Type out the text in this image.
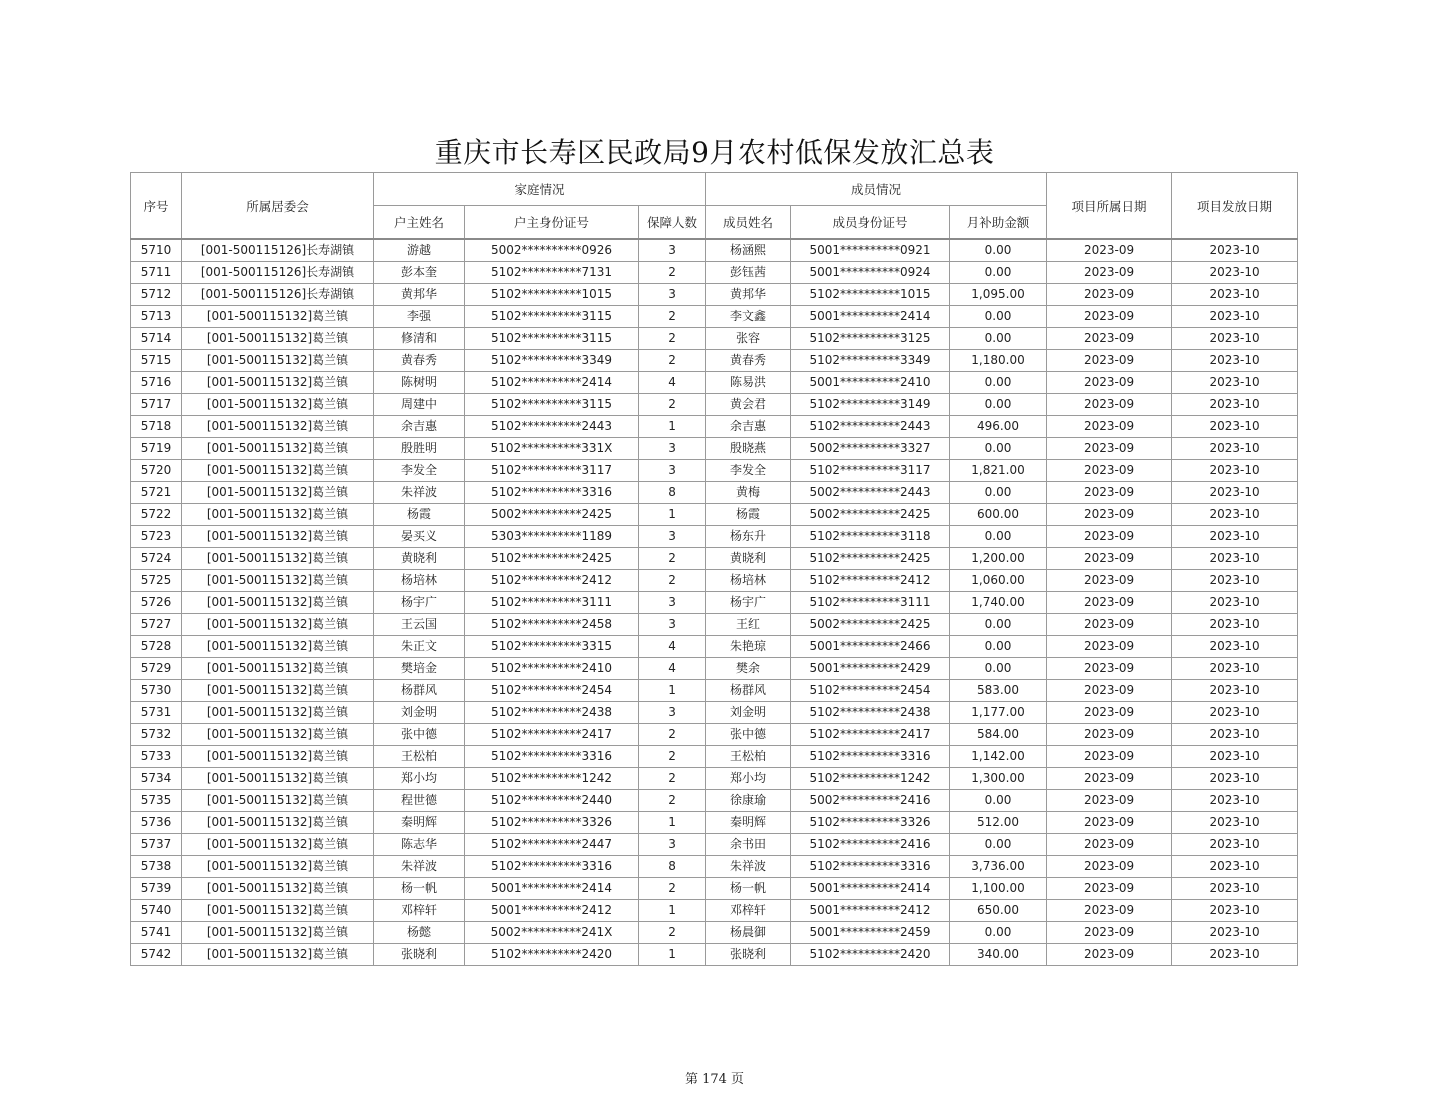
重庆市长寿区民政局9月农村低保发放汇总表
序号	所属居委会	家庭情况			成员情况			项目所属日期	项目发放日期
		户主姓名	户主身份证号	保障人数	成员姓名	成员身份证号	月补助金额		
5710	[001-500115126]长寿湖镇	游越	5002**********0926	3	杨涵熙	5001**********0921	0.00	2023-09	2023-10
5711	[001-500115126]长寿湖镇	彭本奎	5102**********7131	2	彭钰茜	5001**********0924	0.00	2023-09	2023-10
5712	[001-500115126]长寿湖镇	黄邦华	5102**********1015	3	黄邦华	5102**********1015	1,095.00	2023-09	2023-10
5713	[001-500115132]葛兰镇	李强	5102**********3115	2	李文鑫	5001**********2414	0.00	2023-09	2023-10
5714	[001-500115132]葛兰镇	修清和	5102**********3115	2	张容	5102**********3125	0.00	2023-09	2023-10
5715	[001-500115132]葛兰镇	黄春秀	5102**********3349	2	黄春秀	5102**********3349	1,180.00	2023-09	2023-10
5716	[001-500115132]葛兰镇	陈树明	5102**********2414	4	陈易洪	5001**********2410	0.00	2023-09	2023-10
5717	[001-500115132]葛兰镇	周建中	5102**********3115	2	黄会君	5102**********3149	0.00	2023-09	2023-10
5718	[001-500115132]葛兰镇	余吉惠	5102**********2443	1	余吉惠	5102**********2443	496.00	2023-09	2023-10
5719	[001-500115132]葛兰镇	殷胜明	5102**********331X	3	殷晓燕	5002**********3327	0.00	2023-09	2023-10
5720	[001-500115132]葛兰镇	李发全	5102**********3117	3	李发全	5102**********3117	1,821.00	2023-09	2023-10
5721	[001-500115132]葛兰镇	朱祥波	5102**********3316	8	黄梅	5002**********2443	0.00	2023-09	2023-10
5722	[001-500115132]葛兰镇	杨霞	5002**********2425	1	杨霞	5002**********2425	600.00	2023-09	2023-10
5723	[001-500115132]葛兰镇	晏买义	5303**********1189	3	杨东升	5102**********3118	0.00	2023-09	2023-10
5724	[001-500115132]葛兰镇	黄晓利	5102**********2425	2	黄晓利	5102**********2425	1,200.00	2023-09	2023-10
5725	[001-500115132]葛兰镇	杨培林	5102**********2412	2	杨培林	5102**********2412	1,060.00	2023-09	2023-10
5726	[001-500115132]葛兰镇	杨宇广	5102**********3111	3	杨宇广	5102**********3111	1,740.00	2023-09	2023-10
5727	[001-500115132]葛兰镇	王云国	5102**********2458	3	王红	5002**********2425	0.00	2023-09	2023-10
5728	[001-500115132]葛兰镇	朱正文	5102**********3315	4	朱艳琼	5001**********2466	0.00	2023-09	2023-10
5729	[001-500115132]葛兰镇	樊培金	5102**********2410	4	樊余	5001**********2429	0.00	2023-09	2023-10
5730	[001-500115132]葛兰镇	杨群风	5102**********2454	1	杨群风	5102**********2454	583.00	2023-09	2023-10
5731	[001-500115132]葛兰镇	刘金明	5102**********2438	3	刘金明	5102**********2438	1,177.00	2023-09	2023-10
5732	[001-500115132]葛兰镇	张中德	5102**********2417	2	张中德	5102**********2417	584.00	2023-09	2023-10
5733	[001-500115132]葛兰镇	王松柏	5102**********3316	2	王松柏	5102**********3316	1,142.00	2023-09	2023-10
5734	[001-500115132]葛兰镇	郑小均	5102**********1242	2	郑小均	5102**********1242	1,300.00	2023-09	2023-10
5735	[001-500115132]葛兰镇	程世德	5102**********2440	2	徐康瑜	5002**********2416	0.00	2023-09	2023-10
5736	[001-500115132]葛兰镇	秦明辉	5102**********3326	1	秦明辉	5102**********3326	512.00	2023-09	2023-10
5737	[001-500115132]葛兰镇	陈志华	5102**********2447	3	余书田	5102**********2416	0.00	2023-09	2023-10
5738	[001-500115132]葛兰镇	朱祥波	5102**********3316	8	朱祥波	5102**********3316	3,736.00	2023-09	2023-10
5739	[001-500115132]葛兰镇	杨一帆	5001**********2414	2	杨一帆	5001**********2414	1,100.00	2023-09	2023-10
5740	[001-500115132]葛兰镇	邓梓轩	5001**********2412	1	邓梓轩	5001**********2412	650.00	2023-09	2023-10
5741	[001-500115132]葛兰镇	杨懿	5002**********241X	2	杨晨御	5001**********2459	0.00	2023-09	2023-10
5742	[001-500115132]葛兰镇	张晓利	5102**********2420	1	张晓利	5102**********2420	340.00	2023-09	2023-10
第 174 页
